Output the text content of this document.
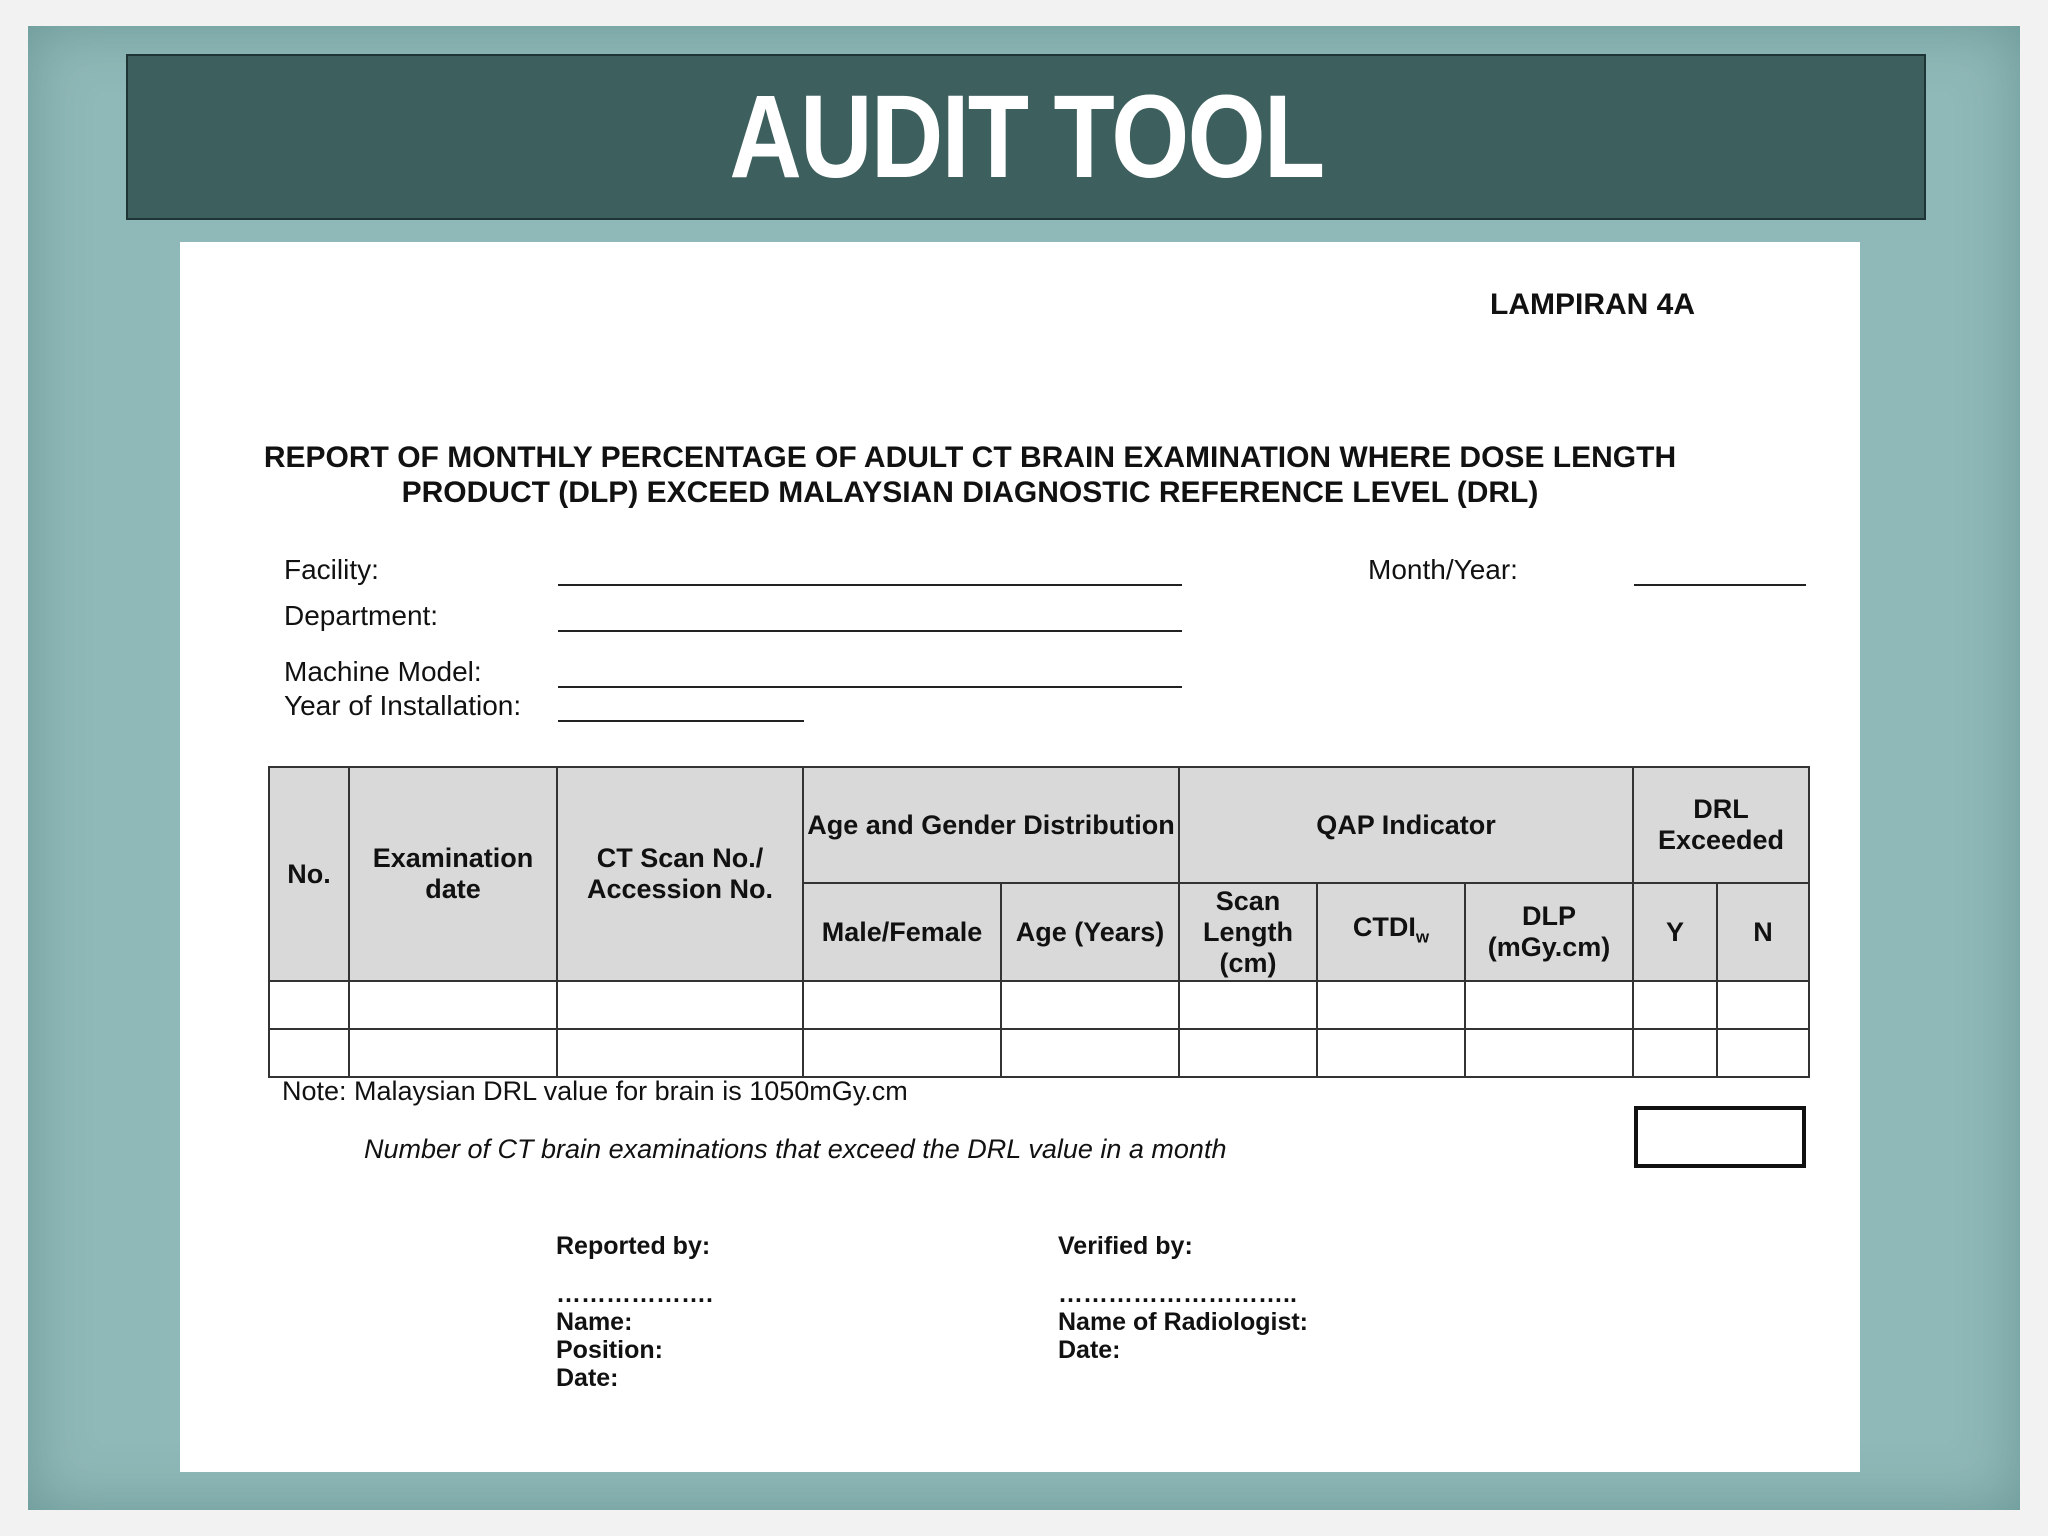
AUDIT TOOL
LAMPIRAN 4A
REPORT OF MONTHLY PERCENTAGE OF ADULT CT BRAIN EXAMINATION WHERE DOSE LENGTH
PRODUCT (DLP) EXCEED MALAYSIAN DIAGNOSTIC REFERENCE LEVEL (DRL)
Facility:	Month/Year:
Department:
Machine Model:
Year of Installation:
No.	Examination date	CT Scan No./ Accession No.	Age and Gender Distribution		QAP Indicator			DRL Exceeded	
			Male/Female	Age (Years)	Scan Length (cm)	$CTDI_w$	DLP (mGy.cm)	Y	N

Note: Malaysian DRL value for brain is 1050mGy.cm
Number of CT brain examinations that exceed the DRL value in a month
Reported by:
……………….
Name:
Position:
Date:
Verified by:
………………………..
Name of Radiologist:
Date:
